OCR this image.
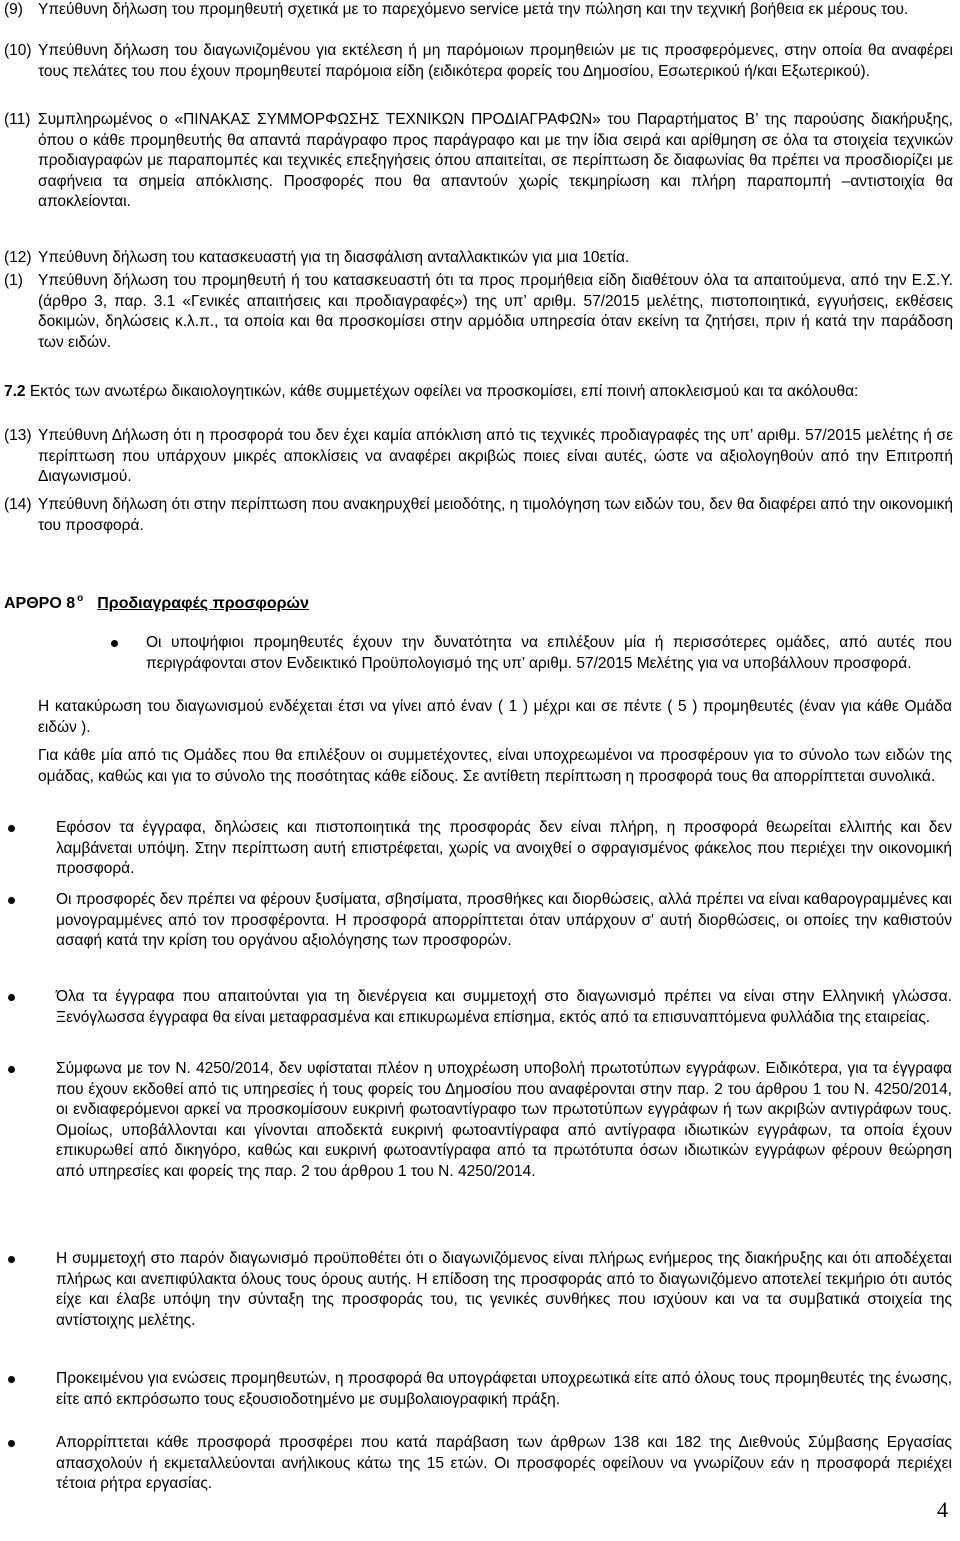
(9) Υπεύθυνη δήλωση του προμηθευτή σχετικά με το παρεχόμενο service μετά την πώληση και την τεχνική βοήθεια εκ μέρους του.
(10) Υπεύθυνη δήλωση του διαγωνιζομένου για εκτέλεση ή μη παρόμοιων προμηθειών με τις προσφερόμενες, στην οποία θα αναφέρει τους πελάτες του που έχουν προμηθευτεί παρόμοια είδη (ειδικότερα φορείς του Δημοσίου, Εσωτερικού ή/και Εξωτερικού).
(11) Συμπληρωμένος ο «ΠΙΝΑΚΑΣ ΣΥΜΜΟΡΦΩΣΗΣ ΤΕΧΝΙΚΩΝ ΠΡΟΔΙΑΓΡΑΦΩΝ» του Παραρτήματος Β’ της παρούσης διακήρυξης, όπου ο κάθε προμηθευτής θα απαντά παράγραφο προς παράγραφο και με την ίδια σειρά και αρίθμηση σε όλα τα στοιχεία τεχνικών προδιαγραφών με παραπομπές και τεχνικές επεξηγήσεις όπου απαιτείται, σε περίπτωση δε διαφωνίας θα πρέπει να προσδιορίζει με σαφήνεια τα σημεία απόκλισης. Προσφορές που θα απαντούν χωρίς τεκμηρίωση και πλήρη παραπομπή –αντιστοιχία θα αποκλείονται.
(12) Υπεύθυνη δήλωση του κατασκευαστή για τη διασφάλιση ανταλλακτικών για μια 10ετία.
(1) Υπεύθυνη δήλωση του προμηθευτή ή του κατασκευαστή ότι τα προς προμήθεια είδη διαθέτουν όλα τα απαιτούμενα, από την Ε.Σ.Υ. (άρθρο 3, παρ. 3.1 «Γενικές απαιτήσεις και προδιαγραφές») της υπ’ αριθμ. 57/2015 μελέτης, πιστοποιητικά, εγγυήσεις, εκθέσεις δοκιμών, δηλώσεις κ.λ.π., τα οποία και θα προσκομίσει στην αρμόδια υπηρεσία όταν εκείνη τα ζητήσει, πριν ή κατά την παράδοση των ειδών.
7.2 Εκτός των ανωτέρω δικαιολογητικών, κάθε συμμετέχων οφείλει να προσκομίσει, επί ποινή αποκλεισμού και τα ακόλουθα:
(13) Υπεύθυνη Δήλωση ότι η προσφορά του δεν έχει καμία απόκλιση από τις τεχνικές προδιαγραφές της υπ’ αριθμ. 57/2015 μελέτης ή σε περίπτωση που υπάρχουν μικρές αποκλίσεις να αναφέρει ακριβώς ποιες είναι αυτές, ώστε να αξιολογηθούν από την Επιτροπή Διαγωνισμού.
(14) Υπεύθυνη δήλωση ότι στην περίπτωση που ανακηρυχθεί μειοδότης, η τιμολόγηση των ειδών του, δεν θα διαφέρει από την οικονομική του προσφορά.
ΑΡΘΡΟ 8 $^o$ Προδιαγραφές προσφορών
Οι υποψήφιοι προμηθευτές έχουν την δυνατότητα να επιλέξουν μία ή περισσότερες ομάδες, από αυτές που περιγράφονται στον Ενδεικτικό Προϋπολογισμό της υπ’ αριθμ. 57/2015 Μελέτης για να υποβάλλουν προσφορά.
Η κατακύρωση του διαγωνισμού ενδέχεται έτσι να γίνει από έναν ( 1 ) μέχρι και σε πέντε ( 5 ) προμηθευτές (έναν για κάθε Ομάδα ειδών ).
Για κάθε μία από τις Ομάδες που θα επιλέξουν οι συμμετέχοντες, είναι υποχρεωμένοι να προσφέρουν για το σύνολο των ειδών της ομάδας, καθώς και για το σύνολο της ποσότητας κάθε είδους. Σε αντίθετη περίπτωση η προσφορά τους θα απορρίπτεται συνολικά.
Εφόσον τα έγγραφα, δηλώσεις και πιστοποιητικά της προσφοράς δεν είναι πλήρη, η προσφορά θεωρείται ελλιπής και δεν λαμβάνεται υπόψη. Στην περίπτωση αυτή επιστρέφεται, χωρίς να ανοιχθεί ο σφραγισμένος φάκελος που περιέχει την οικονομική προσφορά.
Οι προσφορές δεν πρέπει να φέρουν ξυσίματα, σβησίματα, προσθήκες και διορθώσεις, αλλά πρέπει να είναι καθαρογραμμένες και μονογραμμένες από τον προσφέροντα. Η προσφορά απορρίπτεται όταν υπάρχουν σ' αυτή διορθώσεις, οι οποίες την καθιστούν ασαφή κατά την κρίση του οργάνου αξιολόγησης των προσφορών.
Όλα τα έγγραφα που απαιτούνται για τη διενέργεια και συμμετοχή στο διαγωνισμό πρέπει να είναι στην Ελληνική γλώσσα. Ξενόγλωσσα έγγραφα θα είναι μεταφρασμένα και επικυρωμένα επίσημα, εκτός από τα επισυναπτόμενα φυλλάδια της εταιρείας.
Σύμφωνα με τον Ν. 4250/2014, δεν υφίσταται πλέον η υποχρέωση υποβολή πρωτοτύπων εγγράφων. Ειδικότερα, για τα έγγραφα που έχουν εκδοθεί από τις υπηρεσίες ή τους φορείς του Δημοσίου που αναφέρονται στην παρ. 2 του άρθρου 1 του Ν. 4250/2014, οι ενδιαφερόμενοι αρκεί να προσκομίσουν ευκρινή φωτοαντίγραφο των πρωτοτύπων εγγράφων ή των ακριβών αντιγράφων τους. Ομοίως, υποβάλλονται και γίνονται αποδεκτά ευκρινή φωτοαντίγραφα από αντίγραφα ιδιωτικών εγγράφων, τα οποία έχουν επικυρωθεί από δικηγόρο, καθώς και ευκρινή φωτοαντίγραφα από τα πρωτότυπα όσων ιδιωτικών εγγράφων φέρουν θεώρηση από υπηρεσίες και φορείς της παρ. 2 του άρθρου 1 του Ν. 4250/2014.
Η συμμετοχή στο παρόν διαγωνισμό προϋποθέτει ότι ο διαγωνιζόμενος είναι πλήρως ενήμερος της διακήρυξης και ότι αποδέχεται πλήρως και ανεπιφύλακτα όλους τους όρους αυτής. Η επίδοση της προσφοράς από το διαγωνιζόμενο αποτελεί τεκμήριο ότι αυτός είχε και έλαβε υπόψη την σύνταξη της προσφοράς του, τις γενικές συνθήκες που ισχύουν και να τα συμβατικά στοιχεία της αντίστοιχης μελέτης.
Προκειμένου για ενώσεις προμηθευτών, η προσφορά θα υπογράφεται υποχρεωτικά είτε από όλους τους προμηθευτές της ένωσης, είτε από εκπρόσωπο τους εξουσιοδοτημένο με συμβολαιογραφική πράξη.
Απορρίπτεται κάθε προσφορά προσφέρει που κατά παράβαση των άρθρων 138 και 182 της Διεθνούς Σύμβασης Εργασίας απασχολούν ή εκμεταλλεύονται ανήλικους κάτω της 15 ετών. Οι προσφορές οφείλουν να γνωρίζουν εάν η προσφορά περιέχει τέτοια ρήτρα εργασίας.
4
